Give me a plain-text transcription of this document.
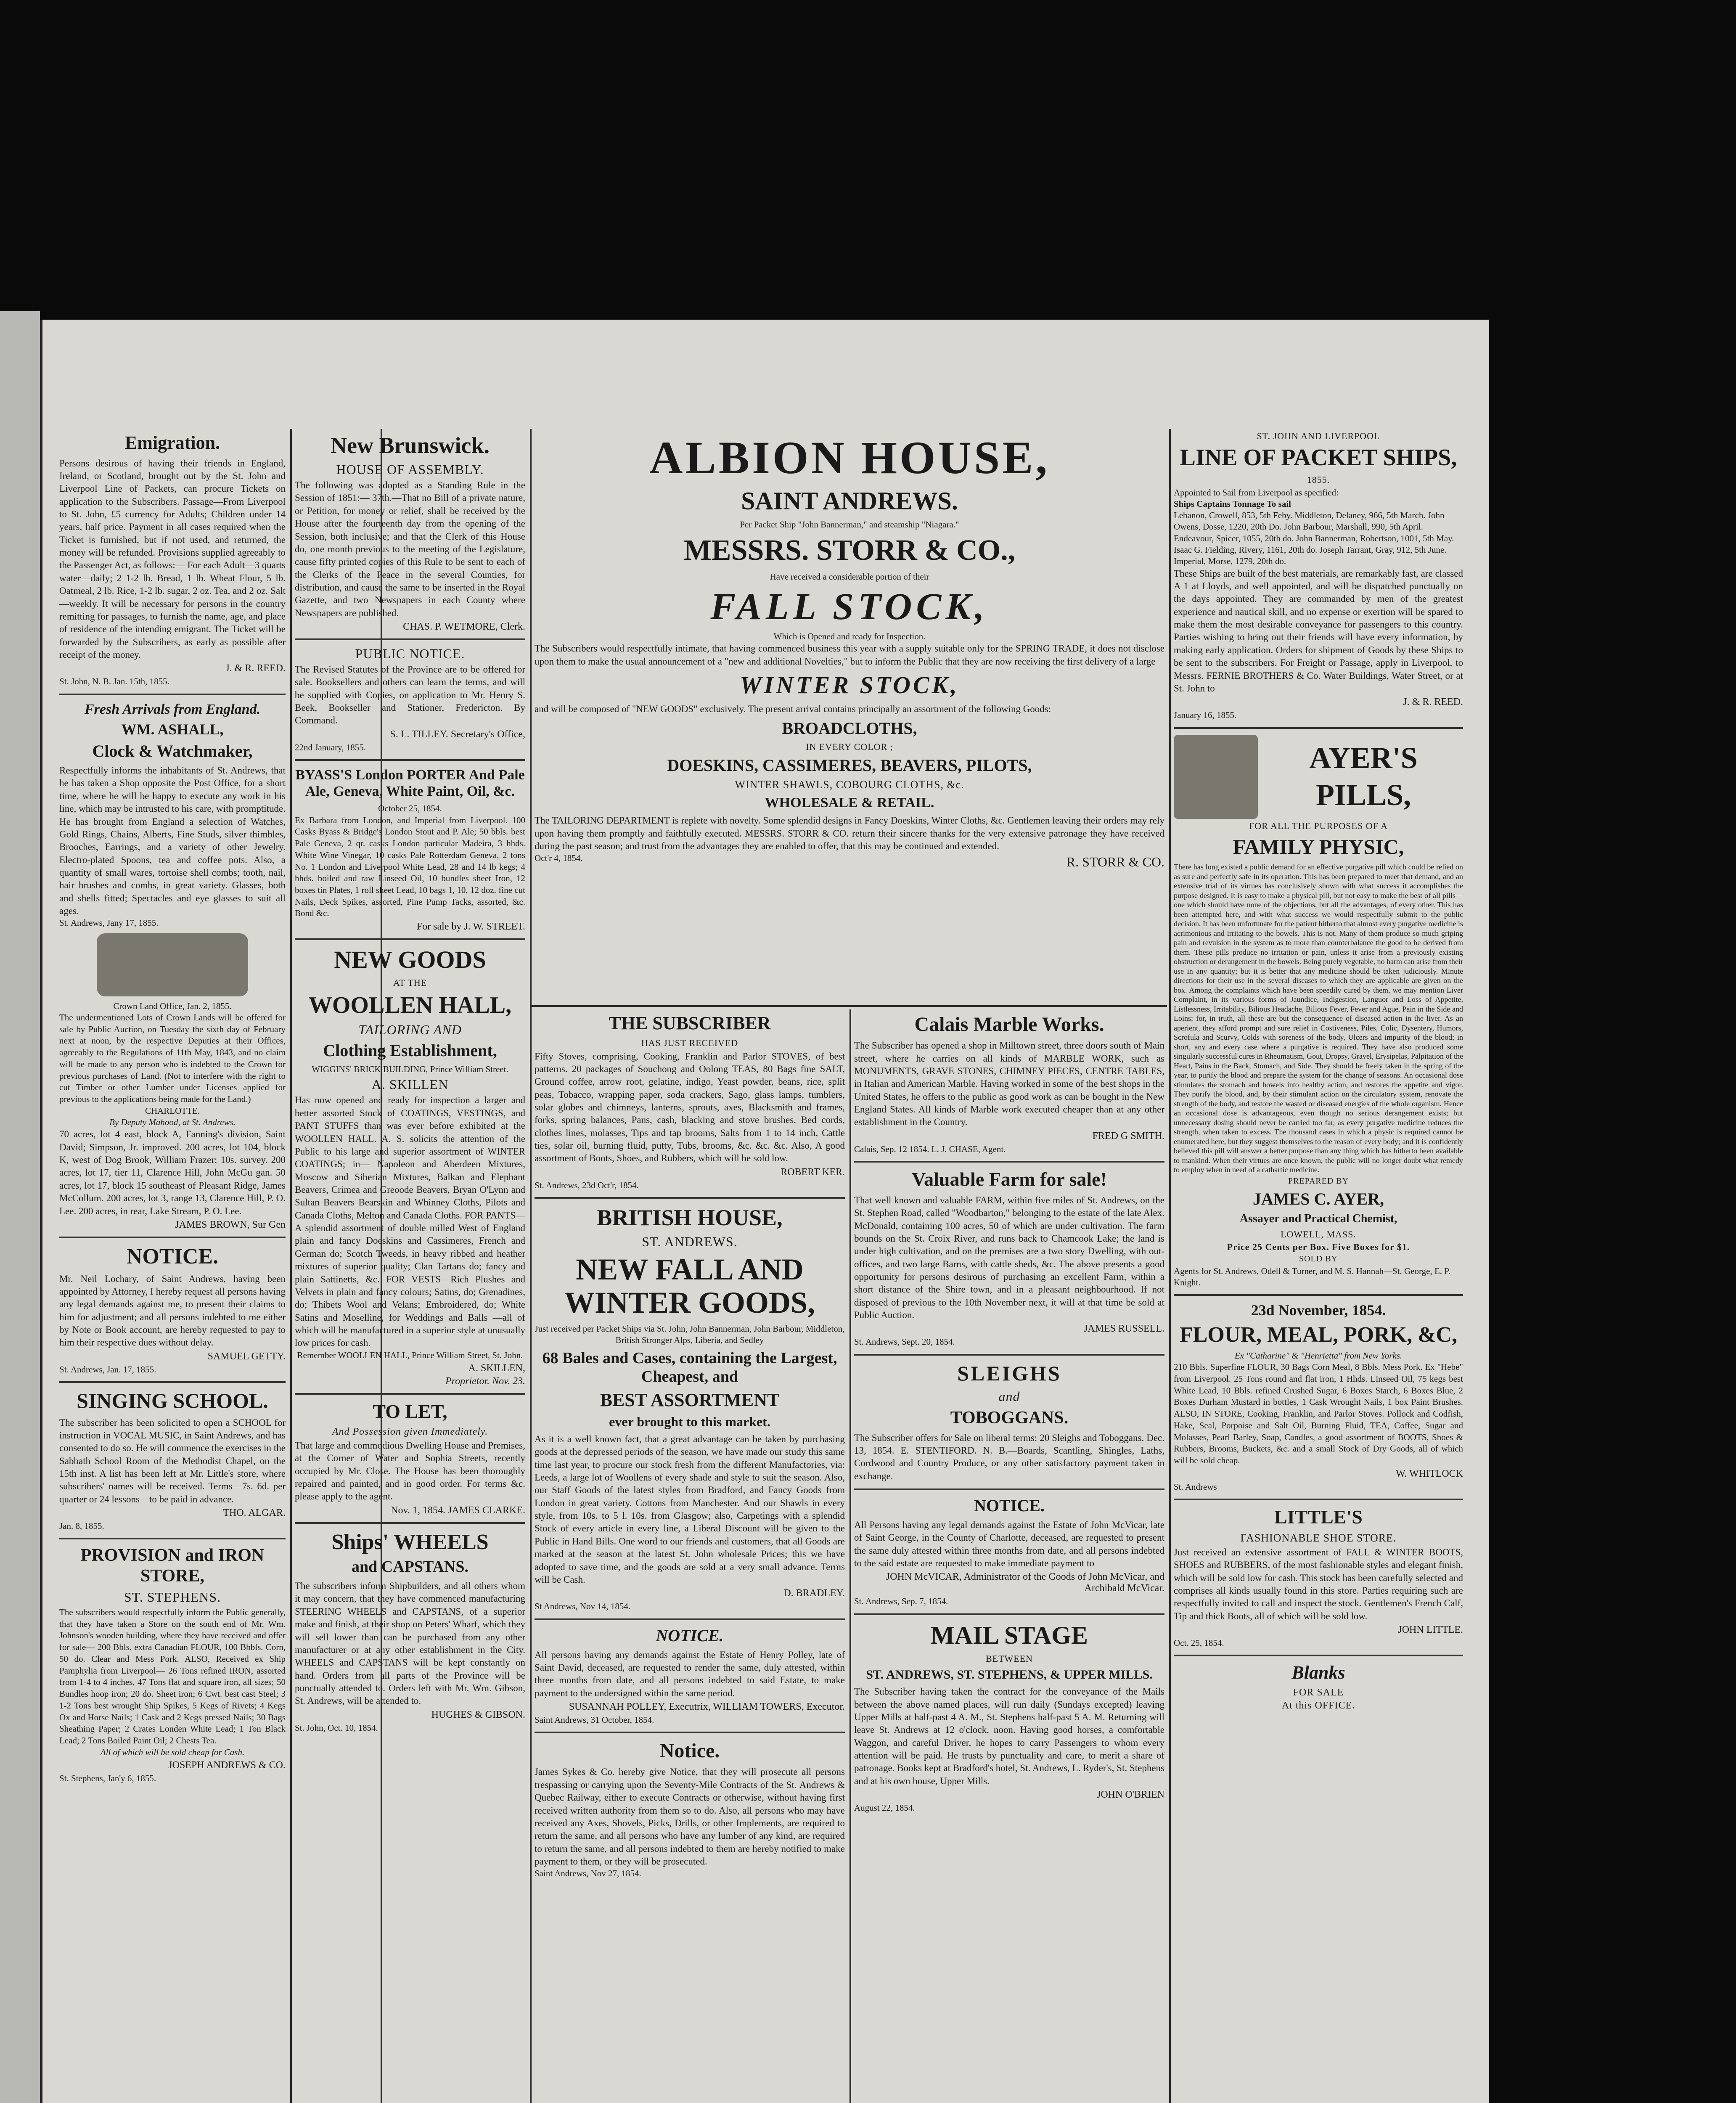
Emigration.

Persons desirous of having their friends in England, Ireland, or Scotland, brought out by the St. John and Liverpool Line of Packets, can procure Tickets on application to the Subscribers. Passage—From Liverpool to St. John, £5 currency for Adults; Children under 14 years, half price. Payment in all cases required when the Ticket is furnished, but if not used, and returned, the money will be refunded. Provisions supplied agreeably to the Passenger Act, as follows:— For each Adult—3 quarts water—daily; 2 1-2 lb. Bread, 1 lb. Wheat Flour, 5 lb. Oatmeal, 2 lb. Rice, 1-2 lb. sugar, 2 oz. Tea, and 2 oz. Salt—weekly. It will be necessary for persons in the country remitting for passages, to furnish the name, age, and place of residence of the intending emigrant. The Ticket will be forwarded by the Subscribers, as early as possible after receipt of the money.

J. & R. REED.

St. John, N. B. Jan. 15th, 1855.

Fresh Arrivals from England.
WM. ASHALL,
Clock & Watchmaker,

Respectfully informs the inhabitants of St. Andrews, that he has taken a Shop opposite the Post Office, for a short time, where he will be happy to execute any work in his line, which may be intrusted to his care, with promptitude. He has brought from England a selection of Watches, Gold Rings, Chains, Alberts, Fine Studs, silver thimbles, Brooches, Earrings, and a variety of other Jewelry. Electro-plated Spoons, tea and coffee pots. Also, a quantity of small wares, tortoise shell combs; tooth, nail, hair brushes and combs, in great variety. Glasses, both and shells fitted; Spectacles and eye glasses to suit all ages.

St. Andrews, Jany 17, 1855.

Crown Land Office, Jan. 2, 1855.

The undermentioned Lots of Crown Lands will be offered for sale by Public Auction, on Tuesday the sixth day of February next at noon, by the respective Deputies at their Offices, agreeably to the Regulations of 11th May, 1843, and no claim will be made to any person who is indebted to the Crown for previous purchases of Land. (Not to interfere with the right to cut Timber or other Lumber under Licenses applied for previous to the applications being made for the Land.)

CHARLOTTE.

By Deputy Mahood, at St. Andrews.

70 acres, lot 4 east, block A, Fanning's division, Saint David; Simpson, Jr. improved. 200 acres, lot 104, block K, west of Dog Brook, William Frazer; 10s. survey. 200 acres, lot 17, tier 11, Clarence Hill, John McGu gan. 50 acres, lot 17, block 15 southeast of Pleasant Ridge, James McCollum. 200 acres, lot 3, range 13, Clarence Hill, P. O. Lee. 200 acres, in rear, Lake Stream, P. O. Lee.

JAMES BROWN, Sur Gen

NOTICE.

Mr. Neil Lochary, of Saint Andrews, having been appointed by Attorney, I hereby request all persons having any legal demands against me, to present their claims to him for adjustment; and all persons indebted to me either by Note or Book account, are hereby requested to pay to him their respective dues without delay.

SAMUEL GETTY.

St. Andrews, Jan. 17, 1855.

SINGING SCHOOL.

The subscriber has been solicited to open a SCHOOL for instruction in VOCAL MUSIC, in Saint Andrews, and has consented to do so. He will commence the exercises in the Sabbath School Room of the Methodist Chapel, on the 15th inst. A list has been left at Mr. Little's store, where subscribers' names will be received. Terms—7s. 6d. per quarter or 24 lessons—to be paid in advance.

THO. ALGAR.

Jan. 8, 1855.

PROVISION and IRON STORE,
ST. STEPHENS.

The subscribers would respectfully inform the Public generally, that they have taken a Store on the south end of Mr. Wm. Johnson's wooden building, where they have received and offer for sale— 200 Bbls. extra Canadian FLOUR, 100 Bbbls. Corn, 50 do. Clear and Mess Pork. ALSO, Received ex Ship Pamphylia from Liverpool— 26 Tons refined IRON, assorted from 1-4 to 4 inches, 47 Tons flat and square iron, all sizes; 50 Bundles hoop iron; 20 do. Sheet iron; 6 Cwt. best cast Steel; 3 1-2 Tons best wrought Ship Spikes, 5 Kegs of Rivets; 4 Kegs Ox and Horse Nails; 1 Cask and 2 Kegs pressed Nails; 30 Bags Sheathing Paper; 2 Crates Londen White Lead; 1 Ton Black Lead; 2 Tons Boiled Paint Oil; 2 Chests Tea.

All of which will be sold cheap for Cash.

JOSEPH ANDREWS & CO.

St. Stephens, Jan'y 6, 1855.

New Brunswick.
HOUSE OF ASSEMBLY.

The following was adopted as a Standing Rule in the Session of 1851:— 37th.—That no Bill of a private nature, or Petition, for money or relief, shall be received by the House after the fourteenth day from the opening of the Session, both inclusive; and that the Clerk of this House do, one month previous to the meeting of the Legislature, cause fifty printed copies of this Rule to be sent to each of the Clerks of the Peace in the several Counties, for distribution, and cause the same to be inserted in the Royal Gazette, and two Newspapers in each County where Newspapers are published.

CHAS. P. WETMORE, Clerk.

PUBLIC NOTICE.

The Revised Statutes of the Province are to be offered for sale. Booksellers and others can learn the terms, and will be supplied with Copies, on application to Mr. Henry S. Beek, Bookseller and Stationer, Fredericton. By Command.

S. L. TILLEY. Secretary's Office,

22nd January, 1855.

BYASS'S London PORTER And Pale Ale, Geneva, White Paint, Oil, &c.

October 25, 1854.

Ex Barbara from London, and Imperial from Liverpool. 100 Casks Byass & Bridge's London Stout and P. Ale; 50 bbls. best Pale Geneva, 2 qr. casks London particular Madeira, 3 hhds. White Wine Vinegar, 10 casks Pale Rotterdam Geneva, 2 tons No. 1 London and Liverpool White Lead, 28 and 14 lb kegs; 4 hhds. boiled and raw Linseed Oil, 10 bundles sheet Iron, 12 boxes tin Plates, 1 roll sheet Lead, 10 bags 1, 10, 12 doz. fine cut Nails, Deck Spikes, assorted, Pine Pump Tacks, assorted, &c. Bond &c.

For sale by J. W. STREET.

NEW GOODS
AT THE
WOOLLEN HALL,
TAILORING AND
Clothing Establishment,

WIGGINS' BRICK BUILDING, Prince William Street.

A. SKILLEN

Has now opened and ready for inspection a larger and better assorted Stock of COATINGS, VESTINGS, and PANT STUFFS than was ever before exhibited at the WOOLLEN HALL. A. S. solicits the attention of the Public to his large and superior assortment of WINTER COATINGS; in— Napoleon and Aberdeen Mixtures, Moscow and Siberian Mixtures, Balkan and Elephant Beavers, Crimea and Greoode Beavers, Bryan O'Lynn and Sultan Beavers Bearskin and Whinney Cloths, Pilots and Canada Cloths, Melton and Canada Cloths. FOR PANTS—A splendid assortment of double milled West of England plain and fancy Doeskins and Cassimeres, French and German do; Scotch Tweeds, in heavy ribbed and heather mixtures of superior quality; Clan Tartans do; fancy and plain Sattinetts, &c. FOR VESTS—Rich Plushes and Velvets in plain and fancy colours; Satins, do; Grenadines, do; Thibets Wool and Velans; Embroidered, do; White Satins and Moselline, for Weddings and Balls —all of which will be manufactured in a superior style at unusually low prices for cash.

Remember WOOLLEN HALL, Prince William Street, St. John.

A. SKILLEN,

Proprietor. Nov. 23.

TO LET,
And Possession given Immediately.

That large and commodious Dwelling House and Premises, at the Corner of Water and Sophia Streets, recently occupied by Mr. Close. The House has been thoroughly repaired and painted, and in good order. For terms &c. please apply to the agent.

Nov. 1, 1854. JAMES CLARKE.

Ships' WHEELS
and CAPSTANS.

The subscribers inform Shipbuilders, and all others whom it may concern, that they have commenced manufacturing STEERING WHEELS and CAPSTANS, of a superior make and finish, at their shop on Peters' Wharf, which they will sell lower than can be purchased from any other manufacturer or at any other establishment in the City. WHEELS and CAPSTANS will be kept constantly on hand. Orders from all parts of the Province will be punctually attended to. Orders left with Mr. Wm. Gibson, St. Andrews, will be attended to.

HUGHES & GIBSON.

St. John, Oct. 10, 1854.

ALBION HOUSE,
SAINT ANDREWS.

Per Packet Ship "John Bannerman," and steamship "Niagara."

MESSRS. STORR & CO.,

Have received a considerable portion of their

FALL STOCK,

Which is Opened and ready for Inspection.

The Subscribers would respectfully intimate, that having commenced business this year with a supply suitable only for the SPRING TRADE, it does not disclose upon them to make the usual announcement of a "new and additional Novelties," but to inform the Public that they are now receiving the first delivery of a large

WINTER STOCK,

and will be composed of "NEW GOODS" exclusively. The present arrival contains principally an assortment of the following Goods:

BROADCLOTHS,
IN EVERY COLOR ;
DOESKINS, CASSIMERES, BEAVERS, PILOTS,
WINTER SHAWLS, COBOURG CLOTHS, &c.
WHOLESALE & RETAIL.

The TAILORING DEPARTMENT is replete with novelty. Some splendid designs in Fancy Doeskins, Winter Cloths, &c. Gentlemen leaving their orders may rely upon having them promptly and faithfully executed. MESSRS. STORR & CO. return their sincere thanks for the very extensive patronage they have received during the past season; and trust from the advantages they are enabled to offer, that this may be continued and extended.

Oct'r 4, 1854.	R. STORR & CO.
THE SUBSCRIBER
HAS JUST RECEIVED

Fifty Stoves, comprising, Cooking, Franklin and Parlor STOVES, of best patterns. 20 packages of Souchong and Oolong TEAS, 80 Bags fine SALT, Ground coffee, arrow root, gelatine, indigo, Yeast powder, beans, rice, split peas, Tobacco, wrapping paper, soda crackers, Sago, glass lamps, tumblers, solar globes and chimneys, lanterns, sprouts, axes, Blacksmith and frames, forks, spring balances, Pans, cash, blacking and stove brushes, Bed cords, clothes lines, molasses, Tips and tap brooms, Salts from 1 to 14 inch, Cattle ties, solar oil, burning fluid, putty, Tubs, brooms, &c. &c. &c. Also, A good assortment of Boots, Shoes, and Rubbers, which will be sold low.

ROBERT KER.

St. Andrews, 23d Oct'r, 1854.

BRITISH HOUSE,
ST. ANDREWS.
NEW FALL AND WINTER GOODS,

Just received per Packet Ships via St. John, John Bannerman, John Barbour, Middleton, British Stronger Alps, Liberia, and Sedley

68 Bales and Cases, containing the Largest, Cheapest, and
BEST ASSORTMENT
ever brought to this market.

As it is a well known fact, that a great advantage can be taken by purchasing goods at the depressed periods of the season, we have made our study this same time last year, to procure our stock fresh from the different Manufactories, via: Leeds, a large lot of Woollens of every shade and style to suit the season. Also, our Staff Goods of the latest styles from Bradford, and Fancy Goods from London in great variety. Cottons from Manchester. And our Shawls in every style, from 10s. to 5 l. 10s. from Glasgow; also, Carpetings with a splendid Stock of every article in every line, a Liberal Discount will be given to the Public in Hand Bills. One word to our friends and customers, that all Goods are marked at the season at the latest St. John wholesale Prices; this we have adopted to save time, and the goods are sold at a very small advance. Terms will be Cash.

D. BRADLEY.

St Andrews, Nov 14, 1854.

NOTICE.

All persons having any demands against the Estate of Henry Polley, late of Saint David, deceased, are requested to render the same, duly attested, within three months from date, and all persons indebted to said Estate, to make payment to the undersigned within the same period.

SUSANNAH POLLEY, Executrix, WILLIAM TOWERS, Executor.

Saint Andrews, 31 October, 1854.

Notice.

James Sykes & Co. hereby give Notice, that they will prosecute all persons trespassing or carrying upon the Seventy-Mile Contracts of the St. Andrews & Quebec Railway, either to execute Contracts or otherwise, without having first received written authority from them so to do. Also, all persons who may have received any Axes, Shovels, Picks, Drills, or other Implements, are required to return the same, and all persons who have any lumber of any kind, are required to return the same, and all persons indebted to them are hereby notified to make payment to them, or they will be prosecuted.

Saint Andrews, Nov 27, 1854.

Calais Marble Works.

The Subscriber has opened a shop in Milltown street, three doors south of Main street, where he carries on all kinds of MARBLE WORK, such as MONUMENTS, GRAVE STONES, CHIMNEY PIECES, CENTRE TABLES, in Italian and American Marble. Having worked in some of the best shops in the United States, he offers to the public as good work as can be bought in the New England States. All kinds of Marble work executed cheaper than at any other establishment in the Country.

FRED G SMITH.

Calais, Sep. 12 1854. L. J. CHASE, Agent.

Valuable Farm for sale!

That well known and valuable FARM, within five miles of St. Andrews, on the St. Stephen Road, called "Woodbarton," belonging to the estate of the late Alex. McDonald, containing 100 acres, 50 of which are under cultivation. The farm bounds on the St. Croix River, and runs back to Chamcook Lake; the land is under high cultivation, and on the premises are a two story Dwelling, with out-offices, and two large Barns, with cattle sheds, &c. The above presents a good opportunity for persons desirous of purchasing an excellent Farm, within a short distance of the Shire town, and in a pleasant neighbourhood. If not disposed of previous to the 10th November next, it will at that time be sold at Public Auction.

JAMES RUSSELL.

St. Andrews, Sept. 20, 1854.

SLEIGHS
and
TOBOGGANS.

The Subscriber offers for Sale on liberal terms: 20 Sleighs and Toboggans. Dec. 13, 1854. E. STENTIFORD. N. B.—Boards, Scantling, Shingles, Laths, Cordwood and Country Produce, or any other satisfactory payment taken in exchange.

NOTICE.

All Persons having any legal demands against the Estate of John McVicar, late of Saint George, in the County of Charlotte, deceased, are requested to present the same duly attested within three months from date, and all persons indebted to the said estate are requested to make immediate payment to

JOHN McVICAR, Administrator of the Goods of John McVicar, and Archibald McVicar.

St. Andrews, Sep. 7, 1854.

MAIL STAGE
BETWEEN
ST. ANDREWS, ST. STEPHENS, & UPPER MILLS.

The Subscriber having taken the contract for the conveyance of the Mails between the above named places, will run daily (Sundays excepted) leaving Upper Mills at half-past 4 A. M., St. Stephens half-past 5 A. M. Returning will leave St. Andrews at 12 o'clock, noon. Having good horses, a comfortable Waggon, and careful Driver, he hopes to carry Passengers to whom every attention will be paid. He trusts by punctuality and care, to merit a share of patronage. Books kept at Bradford's hotel, St. Andrews, L. Ryder's, St. Stephens and at his own house, Upper Mills.

JOHN O'BRIEN

August 22, 1854.

ST. JOHN AND LIVERPOOL
LINE OF PACKET SHIPS,
1855.

Appointed to Sail from Liverpool as specified:

Ships Captains Tonnage To sail

Lebanon, Crowell, 853, 5th Feby. Middleton, Delaney, 966, 5th March. John Owens, Dosse, 1220, 20th Do. John Barbour, Marshall, 990, 5th April. Endeavour, Spicer, 1055, 20th do. John Bannerman, Robertson, 1001, 5th May. Isaac G. Fielding, Rivery, 1161, 20th do. Joseph Tarrant, Gray, 912, 5th June. Imperial, Morse, 1279, 20th do.

These Ships are built of the best materials, are remarkably fast, are classed A 1 at Lloyds, and well appointed, and will be dispatched punctually on the days appointed. They are commanded by men of the greatest experience and nautical skill, and no expense or exertion will be spared to make them the most desirable conveyance for passengers to this country. Parties wishing to bring out their friends will have every information, by making early application. Orders for shipment of Goods by these Ships to be sent to the subscribers. For Freight or Passage, apply in Liverpool, to Messrs. FERNIE BROTHERS & Co. Water Buildings, Water Street, or at St. John to

J. & R. REED.

January 16, 1855.

AYER'S
PILLS,
FOR ALL THE PURPOSES OF A
FAMILY PHYSIC,

There has long existed a public demand for an effective purgative pill which could be relied on as sure and perfectly safe in its operation. This has been prepared to meet that demand, and an extensive trial of its virtues has conclusively shown with what success it accomplishes the purpose designed. It is easy to make a physical pill, but not easy to make the best of all pills—one which should have none of the objections, but all the advantages, of every other. This has been attempted here, and with what success we would respectfully submit to the public decision. It has been unfortunate for the patient hitherto that almost every purgative medicine is acrimonious and irritating to the bowels. This is not. Many of them produce so much griping pain and revulsion in the system as to more than counterbalance the good to be derived from them. These pills produce no irritation or pain, unless it arise from a previously existing obstruction or derangement in the bowels. Being purely vegetable, no harm can arise from their use in any quantity; but it is better that any medicine should be taken judiciously. Minute directions for their use in the several diseases to which they are applicable are given on the box. Among the complaints which have been speedily cured by them, we may mention Liver Complaint, in its various forms of Jaundice, Indigestion, Languor and Loss of Appetite, Listlessness, Irritability, Bilious Headache, Bilious Fever, Fever and Ague, Pain in the Side and Loins; for, in truth, all these are but the consequence of diseased action in the liver. As an aperient, they afford prompt and sure relief in Costiveness, Piles, Colic, Dysentery, Humors, Scrofula and Scurvy, Colds with soreness of the body, Ulcers and impurity of the blood; in short, any and every case where a purgative is required. They have also produced some singularly successful cures in Rheumatism, Gout, Dropsy, Gravel, Erysipelas, Palpitation of the Heart, Pains in the Back, Stomach, and Side. They should be freely taken in the spring of the year, to purify the blood and prepare the system for the change of seasons. An occasional dose stimulates the stomach and bowels into healthy action, and restores the appetite and vigor. They purify the blood, and, by their stimulant action on the circulatory system, renovate the strength of the body, and restore the wasted or diseased energies of the whole organism. Hence an occasional dose is advantageous, even though no serious derangement exists; but unnecessary dosing should never be carried too far, as every purgative medicine reduces the strength, when taken to excess. The thousand cases in which a physic is required cannot be enumerated here, but they suggest themselves to the reason of every body; and it is confidently believed this pill will answer a better purpose than any thing which has hitherto been available to mankind. When their virtues are once known, the public will no longer doubt what remedy to employ when in need of a cathartic medicine.

PREPARED BY
JAMES C. AYER,
Assayer and Practical Chemist,
LOWELL, MASS.
Price 25 Cents per Box. Five Boxes for $1.
SOLD BY

Agents for St. Andrews, Odell & Turner, and M. S. Hannah—St. George, E. P. Knight.

23d November, 1854.
FLOUR, MEAL, PORK, &C,

Ex "Catharine" & "Henrietta" from New Yorks.

210 Bbls. Superfine FLOUR, 30 Bags Corn Meal, 8 Bbls. Mess Pork. Ex "Hebe" from Liverpool. 25 Tons round and flat iron, 1 Hhds. Linseed Oil, 75 kegs best White Lead, 10 Bbls. refined Crushed Sugar, 6 Boxes Starch, 6 Boxes Blue, 2 Boxes Durham Mustard in bottles, 1 Cask Wrought Nails, 1 box Paint Brushes. ALSO, IN STORE, Cooking, Franklin, and Parlor Stoves. Pollock and Codfish, Hake, Seal, Porpoise and Salt Oil, Burning Fluid, TEA, Coffee, Sugar and Molasses, Pearl Barley, Soap, Candles, a good assortment of BOOTS, Shoes & Rubbers, Brooms, Buckets, &c. and a small Stock of Dry Goods, all of which will be sold cheap.

W. WHITLOCK

St. Andrews

LITTLE'S
FASHIONABLE SHOE STORE.

Just received an extensive assortment of FALL & WINTER BOOTS, SHOES and RUBBERS, of the most fashionable styles and elegant finish, which will be sold low for cash. This stock has been carefully selected and comprises all kinds usually found in this store. Parties requiring such are respectfully invited to call and inspect the stock. Gentlemen's French Calf, Tip and thick Boots, all of which will be sold low.

JOHN LITTLE.

Oct. 25, 1854.

Blanks
FOR SALE
At this OFFICE.
